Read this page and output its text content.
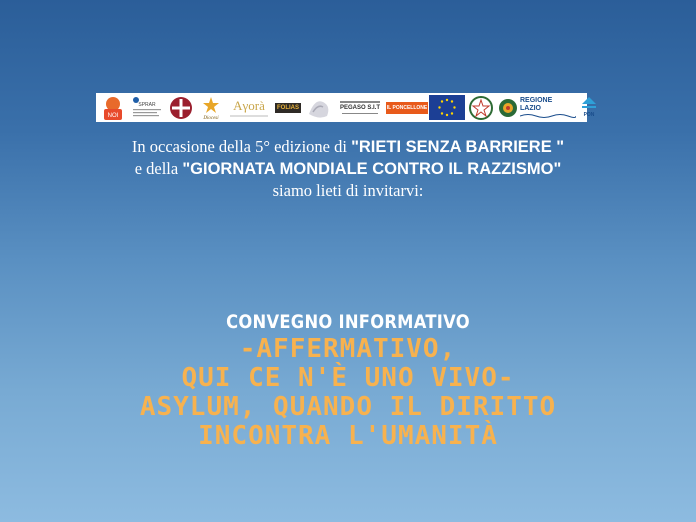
NOI
SPRAR
Diocesi
Aγorà	FOLIAS	PEGASO S.I.T	IL PONCELLONE
REGIONE LAZIO
PON
In occasione della 5° edizione di "RIETI SENZA BARRIERE "
e della "GIORNATA MONDIALE CONTRO IL RAZZISMO"
siamo lieti di invitarvi:
CONVEGNO INFORMATIVO
-AFFERMATIVO,
QUI CE N'È UNO VIVO-
ASYLUM, QUANDO IL DIRITTO
INCONTRA L'UMANITÀ
